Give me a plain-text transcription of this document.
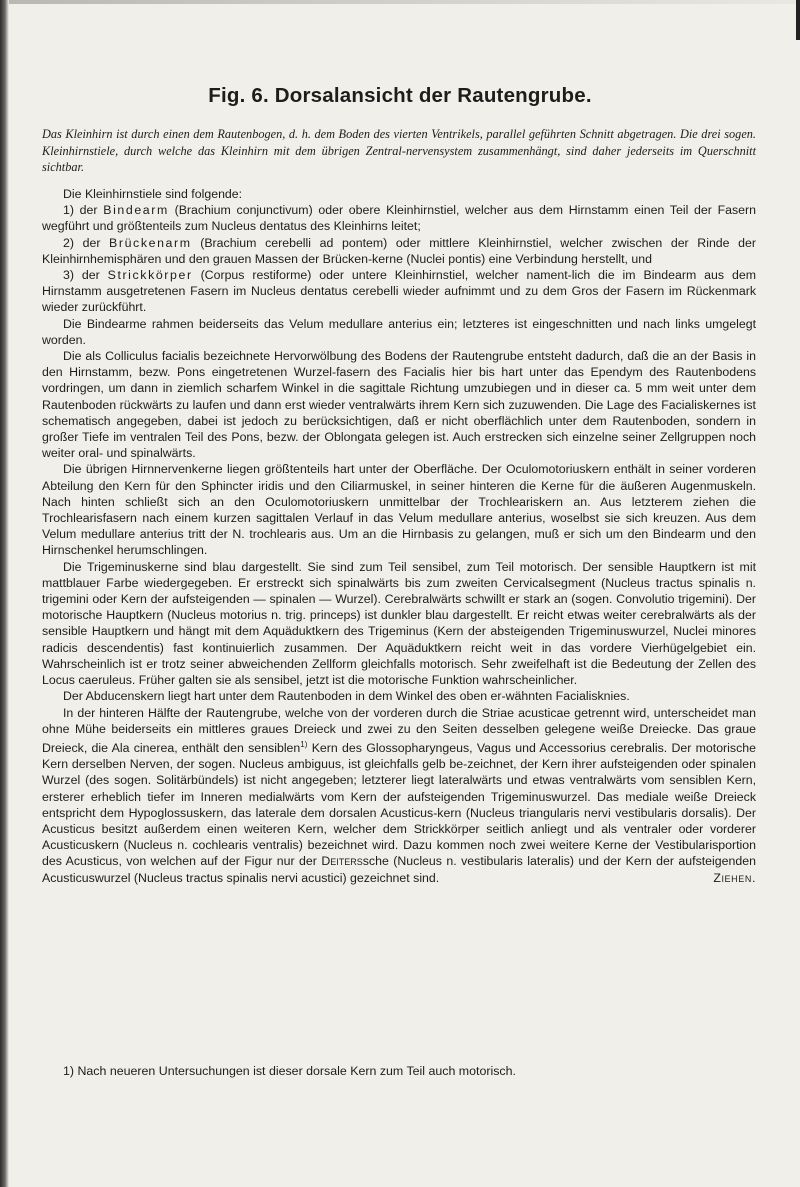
Fig. 6. Dorsalansicht der Rautengrube.

Das Kleinhirn ist durch einen dem Rautenbogen, d. h. dem Boden des vierten Ventrikels, parallel geführten Schnitt abgetragen. Die drei sogen. Kleinhirnstiele, durch welche das Kleinhirn mit dem übrigen Zentral-nervensystem zusammenhängt, sind daher jederseits im Querschnitt sichtbar.

Die Kleinhirnstiele sind folgende:

1) der Bindearm (Brachium conjunctivum) oder obere Kleinhirnstiel, welcher aus dem Hirnstamm einen Teil der Fasern wegführt und größtenteils zum Nucleus dentatus des Kleinhirns leitet;

2) der Brückenarm (Brachium cerebelli ad pontem) oder mittlere Kleinhirnstiel, welcher zwischen der Rinde der Kleinhirnhemisphären und den grauen Massen der Brücken-kerne (Nuclei pontis) eine Verbindung herstellt, und

3) der Strickkörper (Corpus restiforme) oder untere Kleinhirnstiel, welcher nament-lich die im Bindearm aus dem Hirnstamm ausgetretenen Fasern im Nucleus dentatus cerebelli wieder aufnimmt und zu dem Gros der Fasern im Rückenmark wieder zurückführt.

Die Bindearme rahmen beiderseits das Velum medullare anterius ein; letzteres ist eingeschnitten und nach links umgelegt worden.

Die als Colliculus facialis bezeichnete Hervorwölbung des Bodens der Rautengrube entsteht dadurch, daß die an der Basis in den Hirnstamm, bezw. Pons eingetretenen Wurzel-fasern des Facialis hier bis hart unter das Ependym des Rautenbodens vordringen, um dann in ziemlich scharfem Winkel in die sagittale Richtung umzubiegen und in dieser ca. 5 mm weit unter dem Rautenboden rückwärts zu laufen und dann erst wieder ventralwärts ihrem Kern sich zuzuwenden. Die Lage des Facialiskernes ist schematisch angegeben, dabei ist jedoch zu berücksichtigen, daß er nicht oberflächlich unter dem Rautenboden, sondern in großer Tiefe im ventralen Teil des Pons, bezw. der Oblongata gelegen ist. Auch erstrecken sich einzelne seiner Zellgruppen noch weiter oral- und spinalwärts.

Die übrigen Hirnnervenkerne liegen größtenteils hart unter der Oberfläche. Der Oculomotoriuskern enthält in seiner vorderen Abteilung den Kern für den Sphincter iridis und den Ciliarmuskel, in seiner hinteren die Kerne für die äußeren Augenmuskeln. Nach hinten schließt sich an den Oculomotoriuskern unmittelbar der Trochleariskern an. Aus letzterem ziehen die Trochlearisfasern nach einem kurzen sagittalen Verlauf in das Velum medullare anterius, woselbst sie sich kreuzen. Aus dem Velum medullare anterius tritt der N. trochlearis aus. Um an die Hirnbasis zu gelangen, muß er sich um den Bindearm und den Hirnschenkel herumschlingen.

Die Trigeminuskerne sind blau dargestellt. Sie sind zum Teil sensibel, zum Teil motorisch. Der sensible Hauptkern ist mit mattblauer Farbe wiedergegeben. Er erstreckt sich spinalwärts bis zum zweiten Cervicalsegment (Nucleus tractus spinalis n. trigemini oder Kern der aufsteigenden — spinalen — Wurzel). Cerebralwärts schwillt er stark an (sogen. Convolutio trigemini). Der motorische Hauptkern (Nucleus motorius n. trig. princeps) ist dunkler blau dargestellt. Er reicht etwas weiter cerebralwärts als der sensible Hauptkern und hängt mit dem Aquäduktkern des Trigeminus (Kern der absteigenden Trigeminuswurzel, Nuclei minores radicis descendentis) fast kontinuierlich zusammen. Der Aquäduktkern reicht weit in das vordere Vierhügelgebiet ein. Wahrscheinlich ist er trotz seiner abweichenden Zellform gleichfalls motorisch. Sehr zweifelhaft ist die Bedeutung der Zellen des Locus caeruleus. Früher galten sie als sensibel, jetzt ist die motorische Funktion wahrscheinlicher.

Der Abducenskern liegt hart unter dem Rautenboden in dem Winkel des oben er-wähnten Facialisknies.

In der hinteren Hälfte der Rautengrube, welche von der vorderen durch die Striae acusticae getrennt wird, unterscheidet man ohne Mühe beiderseits ein mittleres graues Dreieck und zwei zu den Seiten desselben gelegene weiße Dreiecke. Das graue Dreieck, die Ala cinerea, enthält den sensiblen$^{1)}$ Kern des Glossopharyngeus, Vagus und Accessorius cerebralis. Der motorische Kern derselben Nerven, der sogen. Nucleus ambiguus, ist gleichfalls gelb be-zeichnet, der Kern ihrer aufsteigenden oder spinalen Wurzel (des sogen. Solitärbündels) ist nicht angegeben; letzterer liegt lateralwärts und etwas ventralwärts vom sensiblen Kern, ersterer erheblich tiefer im Inneren medialwärts vom Kern der aufsteigenden Trigeminuswurzel. Das mediale weiße Dreieck entspricht dem Hypoglossuskern, das laterale dem dorsalen Acusticus-kern (Nucleus triangularis nervi vestibularis dorsalis). Der Acusticus besitzt außerdem einen weiteren Kern, welcher dem Strickkörper seitlich anliegt und als ventraler oder vorderer Acusticuskern (Nucleus n. cochlearis ventralis) bezeichnet wird. Dazu kommen noch zwei weitere Kerne der Vestibularisportion des Acusticus, von welchen auf der Figur nur der Deiterssche (Nucleus n. vestibularis lateralis) und der Kern der aufsteigenden Acusticuswurzel (Nucleus tractus spinalis nervi acustici) gezeichnet sind.	Ziehen.

1) Nach neueren Untersuchungen ist dieser dorsale Kern zum Teil auch motorisch.
